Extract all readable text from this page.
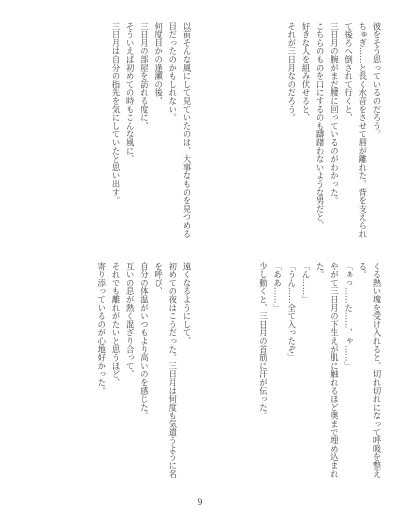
彼をそう思っているのだろう。
ちゅぎ……と長く水音をさせて唇が離れた。背を支えられて後ろへ倒されて行くと、
三日月の腕がまだ腰に回っているのがわかった。
こちらのものを口にするのも躊躇わないような男だと、
好きな人を組み伏せると、
それが三日月なのだろう。
以前そんな風にして見ていたのは、大事なものを見つめる目だったのかもしれない。
何度目かの逢瀬の後、
三日月の部屋を訪れる度に、
そういえば初めての時もこんな風に、
三日月は自分の指先を気にしていたと思い出す。
くる熱い塊を受け入れると、切れ切れになって呼吸を整える。
「ぁっ……た……、ゃ……」
やがて三日月の下生えが肌に触れるほど奥まで埋め込まれた。
「ん……」
「うん……全て入ったぞ」
「ああ……」
少し動くと、三日月の首筋に汗が伝った。
遠くなるようにして、
初めての夜はこうだった。三日月は何度も気遣うように名を呼び、
自分の体温がいつもより高いのを感じた。
互いの息が熱く混ざり合って、
それでも離れがたいと思うほど、
寄り添っているのが心地好かった。
9
